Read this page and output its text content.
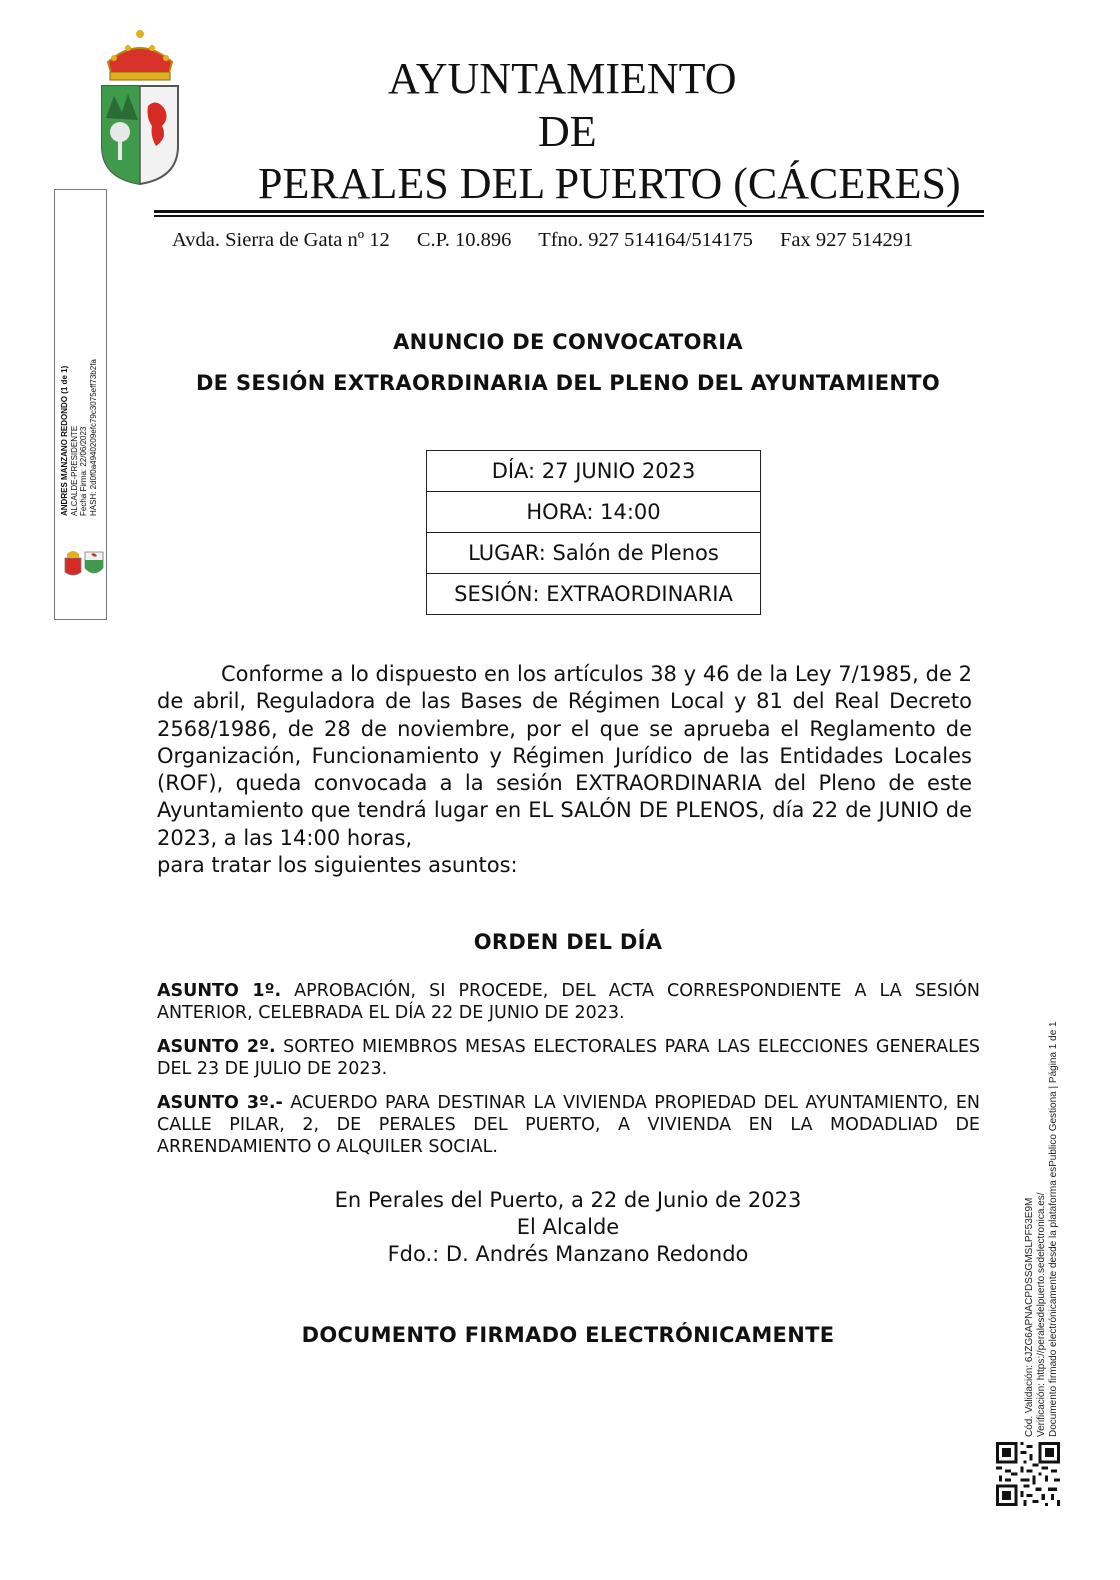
AYUNTAMIENTO
DE
PERALES DEL PUERTO (CÁCERES)
Avda. Sierra de Gata nº 12 C.P. 10.896 Tfno. 927 514164/514175 Fax 927 514291
ANDRES MANZANO REDONDO (1 de 1) ALCALDE-PRESIDENTE Fecha Firma: 22/06/2023 HASH: 2d0f0a4940209efc79c3075eff73b2fa
ANUNCIO DE CONVOCATORIA
DE SESIÓN EXTRAORDINARIA DEL PLENO DEL AYUNTAMIENTO
DÍA: 27 JUNIO 2023
HORA: 14:00
LUGAR: Salón de Plenos
SESIÓN: EXTRAORDINARIA
Conforme a lo dispuesto en los artículos 38 y 46 de la Ley 7/1985, de 2 de abril, Reguladora de las Bases de Régimen Local y 81 del Real Decreto 2568/1986, de 28 de noviembre, por el que se aprueba el Reglamento de Organización, Funcionamiento y Régimen Jurídico de las Entidades Locales (ROF), queda convocada a la sesión EXTRAORDINARIA del Pleno de este Ayuntamiento que tendrá lugar en EL SALÓN DE PLENOS, día 22 de JUNIO de 2023, a las 14:00 horas,
para tratar los siguientes asuntos:
ORDEN DEL DÍA
ASUNTO 1º. APROBACIÓN, SI PROCEDE, DEL ACTA CORRESPONDIENTE A LA SESIÓN ANTERIOR, CELEBRADA EL DÍA 22 DE JUNIO DE 2023.
ASUNTO 2º. SORTEO MIEMBROS MESAS ELECTORALES PARA LAS ELECCIONES GENERALES DEL 23 DE JULIO DE 2023.
ASUNTO 3º.- ACUERDO PARA DESTINAR LA VIVIENDA PROPIEDAD DEL AYUNTAMIENTO, EN CALLE PILAR, 2, DE PERALES DEL PUERTO, A VIVIENDA EN LA MODADLIAD DE ARRENDAMIENTO O ALQUILER SOCIAL.
En Perales del Puerto, a 22 de Junio de 2023
El Alcalde
Fdo.: D. Andrés Manzano Redondo
DOCUMENTO FIRMADO ELECTRÓNICAMENTE	Cód. Validación: 6JZG6APNACPDSSGMSLPF53E9M Verificación: https://peralesdelpuerto.sedelectronica.es/ Documento firmado electrónicamente desde la plataforma esPublico Gestiona | Página 1 de 1
